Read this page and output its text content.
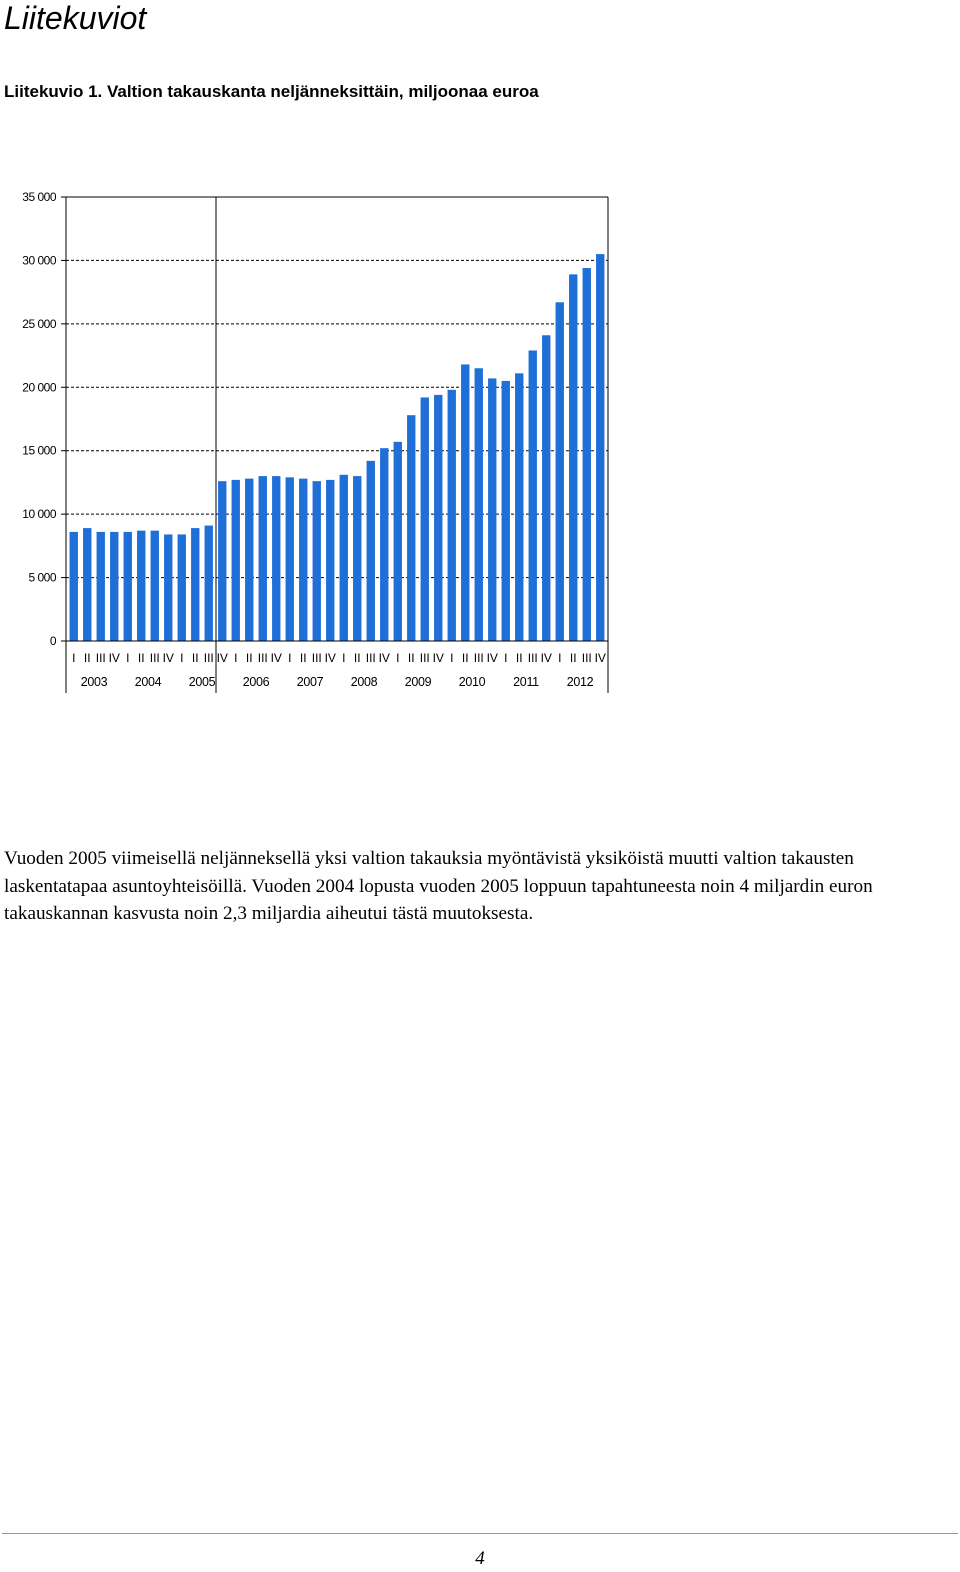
Liitekuviot

Liitekuvio 1. Valtion takauskanta neljänneksittäin, miljoonaa euroa

0
5 000
10 000
15 000
20 000
25 000
30 000
35 000
I II III IV I II III IV I II III IV I II III IV I II III IV I II III IV I II III IV I II III IV I II III IV I II III IV
2003 2004 2005 2006 2007 2008 2009 2010 2011 2012

Vuoden 2005 viimeisellä neljänneksellä yksi valtion takauksia myöntävistä yksiköistä muutti valtion takausten laskentatapaa asuntoyhteisöillä. Vuoden 2004 lopusta vuoden 2005 loppuun tapahtuneesta noin 4 miljardin euron takauskannan kasvusta noin 2,3 miljardia aiheutui tästä muutoksesta.

4
